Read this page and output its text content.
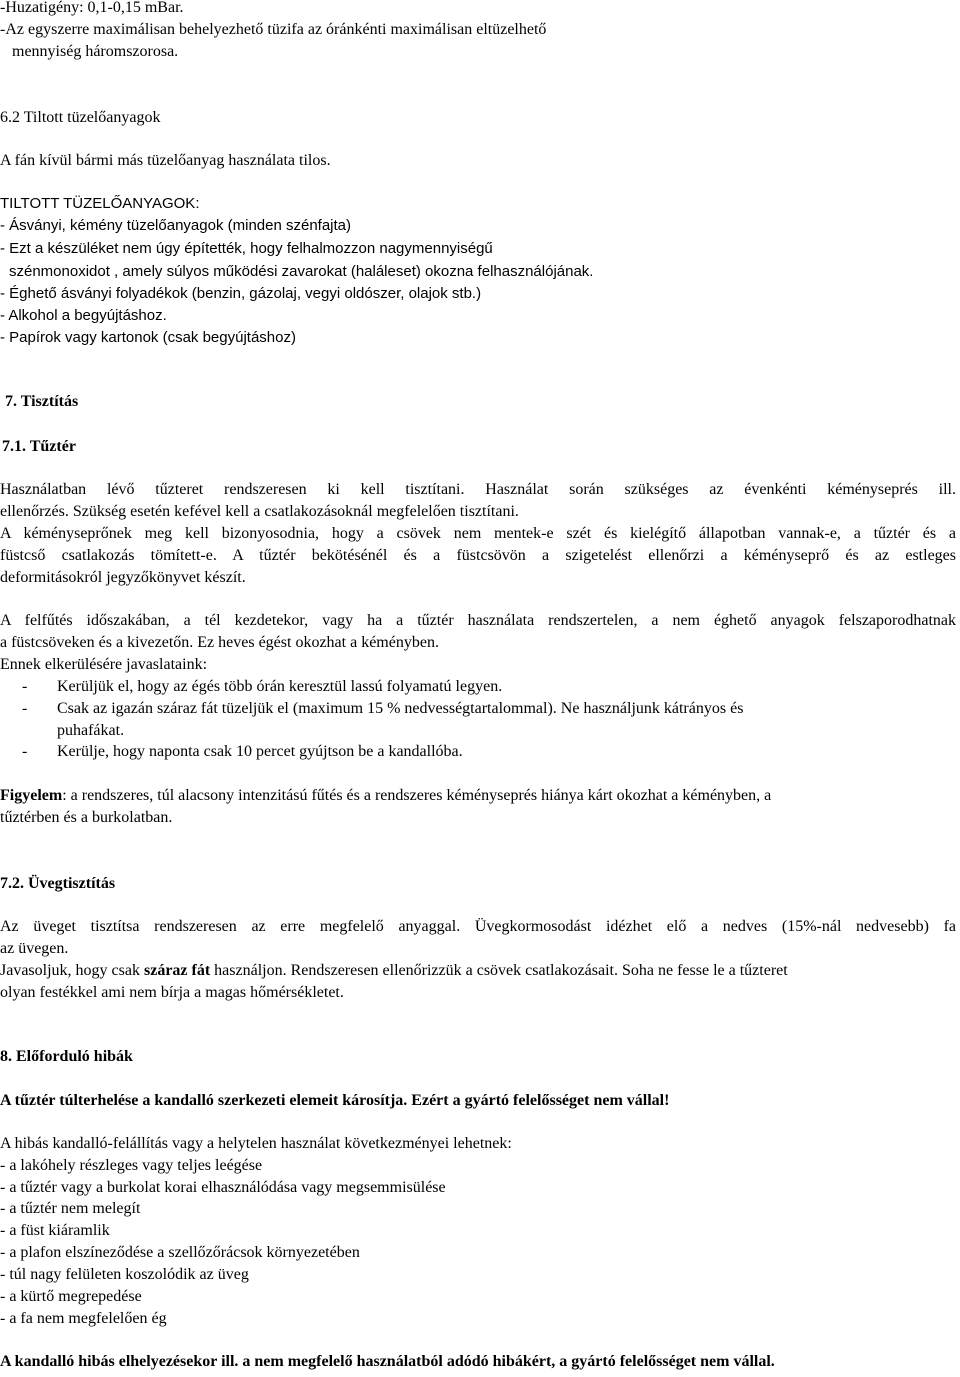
-Huzatigény: 0,1-0,15 mBar.
-Az egyszerre maximálisan behelyezhető tüzifa az óránkénti maximálisan eltüzelhető
mennyiség háromszorosa.
6.2 Tiltott tüzelőanyagok
A fán kívül bármi más tüzelőanyag használata tilos.
TILTOTT TÜZELŐANYAGOK:
- Ásványi, kémény tüzelőanyagok (minden szénfajta)
- Ezt a készüléket nem úgy építették, hogy felhalmozzon nagymennyiségű
szénmonoxidot , amely súlyos működési zavarokat (haláleset) okozna felhasználójának.
- Éghető ásványi folyadékok (benzin, gázolaj, vegyi oldószer, olajok stb.)
- Alkohol a begyújtáshoz.
- Papírok vagy kartonok (csak begyújtáshoz)
7. Tisztítás
7.1. Tűztér
Használatban lévő tűzteret rendszeresen ki kell tisztítani. Használat során szükséges az évenkénti kéményseprés ill.
ellenőrzés. Szükség esetén kefével kell a csatlakozásoknál megfelelően tisztítani.
A kéményseprőnek meg kell bizonyosodnia, hogy a csövek nem mentek-e szét és kielégítő állapotban vannak-e, a tűztér és a
füstcső csatlakozás tömített-e. A tűztér bekötésénél és a füstcsövön a szigetelést ellenőrzi a kéményseprő és az estleges
deformitásokról jegyzőkönyvet készít.
A felfűtés időszakában, a tél kezdetekor, vagy ha a tűztér használata rendszertelen, a nem éghető anyagok felszaporodhatnak
a füstcsöveken és a kivezetőn. Ez heves égést okozhat a kéményben.
Ennek elkerülésére javaslataink:
- Kerüljük el, hogy az égés több órán keresztül lassú folyamatú legyen.
- Csak az igazán száraz fát tüzeljük el (maximum 15 % nedvességtartalommal). Ne használjunk kátrányos és
puhafákat.
- Kerülje, hogy naponta csak 10 percet gyújtson be a kandallóba.
Figyelem: a rendszeres, túl alacsony intenzitású fűtés és a rendszeres kéményseprés hiánya kárt okozhat a kéményben, a
tűztérben és a burkolatban.
7.2. Üvegtisztítás
Az üveget tisztítsa rendszeresen az erre megfelelő anyaggal. Üvegkormosodást idézhet elő a nedves (15%-nál nedvesebb) fa
az üvegen.
Javasoljuk, hogy csak száraz fát használjon. Rendszeresen ellenőrizzük a csövek csatlakozásait. Soha ne fesse le a tűzteret
olyan festékkel ami nem bírja a magas hőmérsékletet.
8. Előforduló hibák
A tűztér túlterhelése a kandalló szerkezeti elemeit károsítja. Ezért a gyártó felelősséget nem vállal!
A hibás kandalló-felállítás vagy a helytelen használat következményei lehetnek:
- a lakóhely részleges vagy teljes leégése
- a tűztér vagy a burkolat korai elhasználódása vagy megsemmisülése
- a tűztér nem melegít
- a füst kiáramlik
- a plafon elszíneződése a szellőzőrácsok környezetében
- túl nagy felületen koszolódik az üveg
- a kürtő megrepedése
- a fa nem megfelelően ég
A kandalló hibás elhelyezésekor ill. a nem megfelelő használatból adódó hibákért, a gyártó felelősséget nem vállal.
